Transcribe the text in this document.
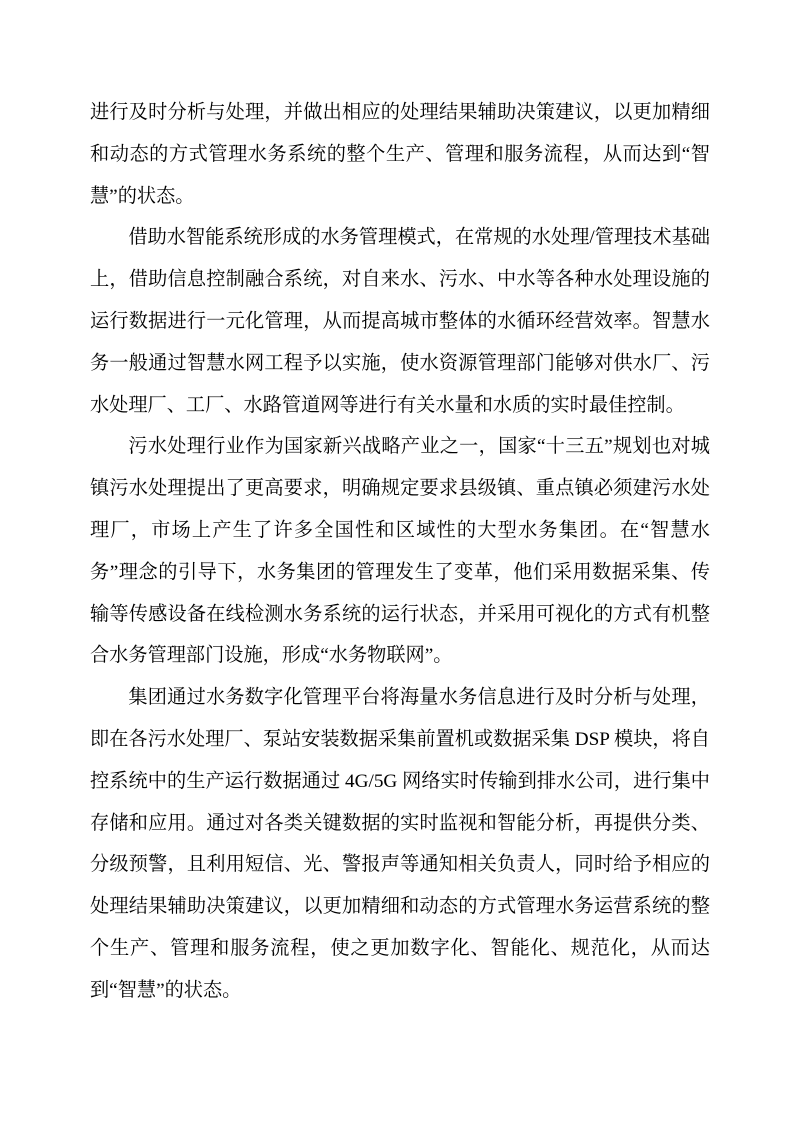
进行及时分析与处理，并做出相应的处理结果辅助决策建议，以更加精细和动态的方式管理水务系统的整个生产、管理和服务流程，从而达到“智慧”的状态。

借助水智能系统形成的水务管理模式，在常规的水处理/管理技术基础上，借助信息控制融合系统，对自来水、污水、中水等各种水处理设施的运行数据进行一元化管理，从而提高城市整体的水循环经营效率。智慧水务一般通过智慧水网工程予以实施，使水资源管理部门能够对供水厂、污水处理厂、工厂、水路管道网等进行有关水量和水质的实时最佳控制。

污水处理行业作为国家新兴战略产业之一，国家“十三五”规划也对城镇污水处理提出了更高要求，明确规定要求县级镇、重点镇必须建污水处理厂，市场上产生了许多全国性和区域性的大型水务集团。在“智慧水务”理念的引导下，水务集团的管理发生了变革，他们采用数据采集、传输等传感设备在线检测水务系统的运行状态，并采用可视化的方式有机整合水务管理部门设施，形成“水务物联网”。

集团通过水务数字化管理平台将海量水务信息进行及时分析与处理，即在各污水处理厂、泵站安装数据采集前置机或数据采集 DSP 模块，将自控系统中的生产运行数据通过 4G/5G 网络实时传输到排水公司，进行集中存储和应用。通过对各类关键数据的实时监视和智能分析，再提供分类、分级预警，且利用短信、光、警报声等通知相关负责人，同时给予相应的处理结果辅助决策建议，以更加精细和动态的方式管理水务运营系统的整个生产、管理和服务流程，使之更加数字化、智能化、规范化，从而达到“智慧”的状态。
